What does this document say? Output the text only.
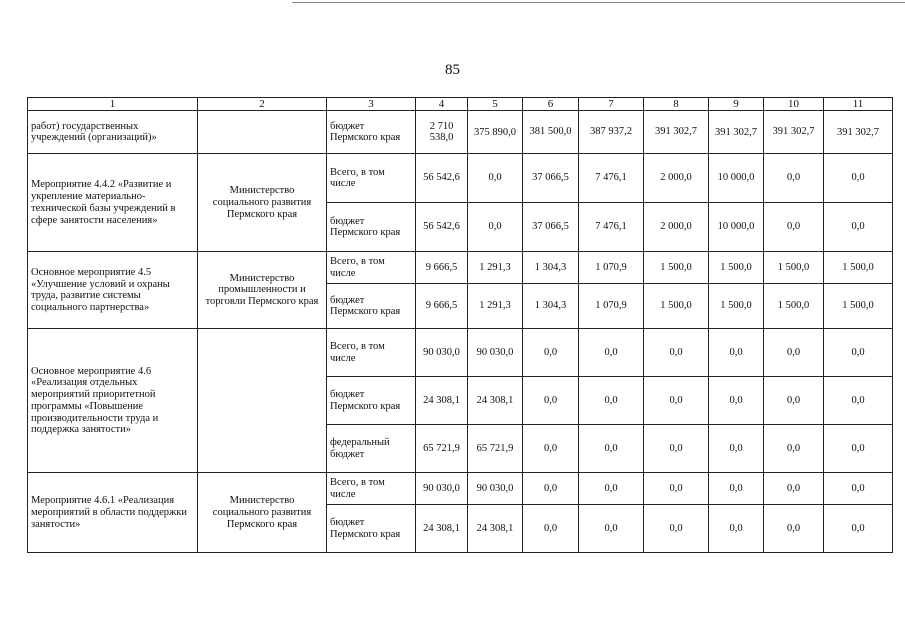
85
1	2	3	4	5	6	7	8	9	10	11
работ) государственных учреждений (организаций)»		бюджет Пермского края	2 710 538,0	375 890,0	381 500,0	387 937,2	391 302,7	391 302,7	391 302,7	391 302,7
Мероприятие 4.4.2 «Развитие и укрепление материально-технической базы учреждений в сфере занятости населения»	Министерство социального развития Пермского края	Всего, в том числе	56 542,6	0,0	37 066,5	7 476,1	2 000,0	10 000,0	0,0	0,0
		бюджет Пермского края	56 542,6	0,0	37 066,5	7 476,1	2 000,0	10 000,0	0,0	0,0
Основное мероприятие 4.5 «Улучшение условий и охраны труда, развитие системы социального партнерства»	Министерство промышленности и торговли Пермского края	Всего, в том числе	9 666,5	1 291,3	1 304,3	1 070,9	1 500,0	1 500,0	1 500,0	1 500,0
		бюджет Пермского края	9 666,5	1 291,3	1 304,3	1 070,9	1 500,0	1 500,0	1 500,0	1 500,0
Основное мероприятие 4.6 «Реализация отдельных мероприятий приоритетной программы «Повышение производительности труда и поддержка занятости»		Всего, в том числе	90 030,0	90 030,0	0,0	0,0	0,0	0,0	0,0	0,0
		бюджет Пермского края	24 308,1	24 308,1	0,0	0,0	0,0	0,0	0,0	0,0
		федеральный бюджет	65 721,9	65 721,9	0,0	0,0	0,0	0,0	0,0	0,0
Мероприятие 4.6.1 «Реализация мероприятий в области поддержки занятости»	Министерство социального развития Пермского края	Всего, в том числе	90 030,0	90 030,0	0,0	0,0	0,0	0,0	0,0	0,0
		бюджет Пермского края	24 308,1	24 308,1	0,0	0,0	0,0	0,0	0,0	0,0
